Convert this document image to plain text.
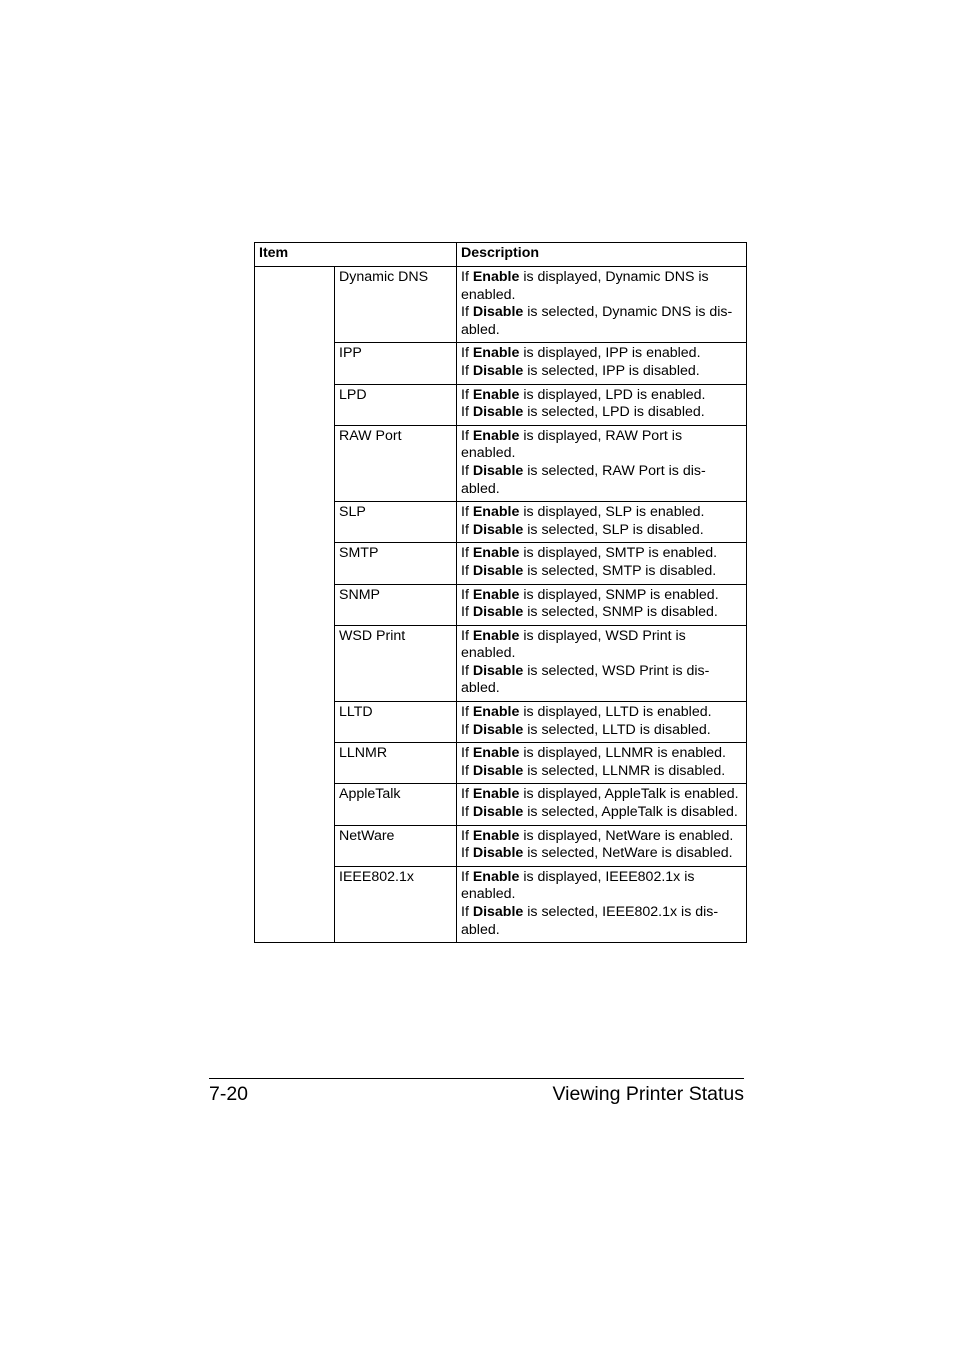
Item		Description
	Dynamic DNS	If Enable is displayed, Dynamic DNS is
enabled.
If Disable is selected, Dynamic DNS is dis-
abled.

	IPP	If Enable is displayed, IPP is enabled.
If Disable is selected, IPP is disabled.

	LPD	If Enable is displayed, LPD is enabled.
If Disable is selected, LPD is disabled.

	RAW Port	If Enable is displayed, RAW Port is
enabled.
If Disable is selected, RAW Port is dis-
abled.

	SLP	If Enable is displayed, SLP is enabled.
If Disable is selected, SLP is disabled.

	SMTP	If Enable is displayed, SMTP is enabled.
If Disable is selected, SMTP is disabled.

	SNMP	If Enable is displayed, SNMP is enabled.
If Disable is selected, SNMP is disabled.

	WSD Print	If Enable is displayed, WSD Print is
enabled.
If Disable is selected, WSD Print is dis-
abled.

	LLTD	If Enable is displayed, LLTD is enabled.
If Disable is selected, LLTD is disabled.

	LLNMR	If Enable is displayed, LLNMR is enabled.
If Disable is selected, LLNMR is disabled.

	AppleTalk	If Enable is displayed, AppleTalk is enabled.
If Disable is selected, AppleTalk is disabled.

	NetWare	If Enable is displayed, NetWare is enabled.
If Disable is selected, NetWare is disabled.

	IEEE802.1x	If Enable is displayed, IEEE802.1x is
enabled.
If Disable is selected, IEEE802.1x is dis-
abled.
7-20	Viewing Printer Status
